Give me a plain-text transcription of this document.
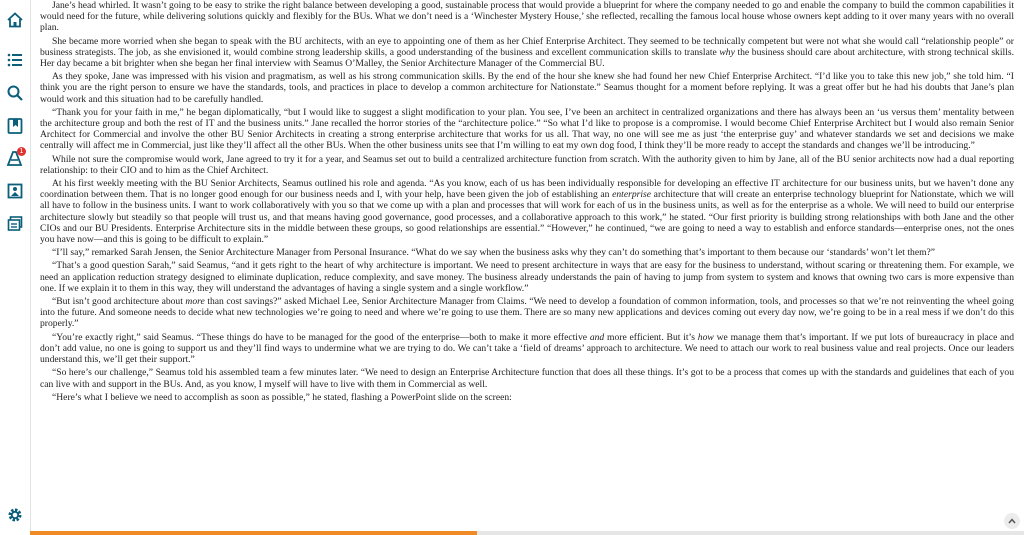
1

Jane’s head whirled. It wasn’t going to be easy to strike the right balance between developing a good, sustainable process that would provide a blueprint for where the company needed to go and enable the company to build the common capabilities it would need for the future, while delivering solutions quickly and flexibly for the BUs. What we don’t need is a ‘Winchester Mystery House,’ she reflected, recalling the famous local house whose owners kept adding to it over many years with no overall plan.

She became more worried when she began to speak with the BU architects, with an eye to appointing one of them as her Chief Enterprise Architect. They seemed to be technically competent but were not what she would call “relationship people” or business strategists. The job, as she envisioned it, would combine strong leadership skills, a good understanding of the business and excellent communication skills to translate why the business should care about architecture, with strong technical skills. Her day became a bit brighter when she began her final interview with Seamus O’Malley, the Senior Architecture Manager of the Commercial BU.

As they spoke, Jane was impressed with his vision and pragmatism, as well as his strong communication skills. By the end of the hour she knew she had found her new Chief Enterprise Architect. “I’d like you to take this new job,” she told him. “I think you are the right person to ensure we have the standards, tools, and practices in place to develop a common architecture for Nationstate.” Seamus thought for a moment before replying. It was a great offer but he had his doubts that Jane’s plan would work and this situation had to be carefully handled.

“Thank you for your faith in me,” he began diplomatically, “but I would like to suggest a slight modification to your plan. You see, I’ve been an architect in centralized organizations and there has always been an ‘us versus them’ mentality between the architecture group and both the rest of IT and the business units.” Jane recalled the horror stories of the “architecture police.” “So what I’d like to propose is a compromise. I would become Chief Enterprise Architect but I would also remain Senior Architect for Commercial and involve the other BU Senior Architects in creating a strong enterprise architecture that works for us all. That way, no one will see me as just ‘the enterprise guy’ and whatever standards we set and decisions we make centrally will affect me in Commercial, just like they’ll affect all the other BUs. When the other business units see that I’m willing to eat my own dog food, I think they’ll be more ready to accept the standards and changes we’ll be introducing.”

While not sure the compromise would work, Jane agreed to try it for a year, and Seamus set out to build a centralized architecture function from scratch. With the authority given to him by Jane, all of the BU senior architects now had a dual reporting relationship: to their CIO and to him as the Chief Architect.

At his first weekly meeting with the BU Senior Architects, Seamus outlined his role and agenda. “As you know, each of us has been individually responsible for developing an effective IT architecture for our business units, but we haven’t done any coordination between them. That is no longer good enough for our business needs and I, with your help, have been given the job of establishing an enterprise architecture that will create an enterprise technology blueprint for Nationstate, which we will all have to follow in the business units. I want to work collaboratively with you so that we come up with a plan and processes that will work for each of us in the business units, as well as for the enterprise as a whole. We will need to build our enterprise architecture slowly but steadily so that people will trust us, and that means having good governance, good processes, and a collaborative approach to this work,” he stated. “Our first priority is building strong relationships with both Jane and the other CIOs and our BU Presidents. Enterprise Architecture sits in the middle between these groups, so good relationships are essential.” “However,” he continued, “we are going to need a way to establish and enforce standards—enterprise ones, not the ones you have now—and this is going to be difficult to explain.”

“I’ll say,” remarked Sarah Jensen, the Senior Architecture Manager from Personal Insurance. “What do we say when the business asks why they can’t do something that’s important to them because our ‘standards’ won’t let them?”

“That’s a good question Sarah,” said Seamus, “and it gets right to the heart of why architecture is important. We need to present architecture in ways that are easy for the business to understand, without scaring or threatening them. For example, we need an application reduction strategy designed to eliminate duplication, reduce complexity, and save money. The business already understands the pain of having to jump from system to system and knows that owning two cars is more expensive than one. If we explain it to them in this way, they will understand the advantages of having a single system and a single workflow.”

“But isn’t good architecture about more than cost savings?” asked Michael Lee, Senior Architecture Manager from Claims. “We need to develop a foundation of common information, tools, and processes so that we’re not reinventing the wheel going into the future. And someone needs to decide what new technologies we’re going to need and where we’re going to use them. There are so many new applications and devices coming out every day now, we’re going to be in a real mess if we don’t do this properly.”

“You’re exactly right,” said Seamus. “These things do have to be managed for the good of the enterprise—both to make it more effective and more efficient. But it’s how we manage them that’s important. If we put lots of bureaucracy in place and don’t add value, no one is going to support us and they’ll find ways to undermine what we are trying to do. We can’t take a ‘field of dreams’ approach to architecture. We need to attach our work to real business value and real projects. Once our leaders understand this, we’ll get their support.”

“So here’s our challenge,” Seamus told his assembled team a few minutes later. “We need to design an Enterprise Architecture function that does all these things. It’s got to be a process that comes up with the standards and guidelines that each of you can live with and support in the BUs. And, as you know, I myself will have to live with them in Commercial as well.

“Here’s what I believe we need to accomplish as soon as possible,” he stated, flashing a PowerPoint slide on the screen:
